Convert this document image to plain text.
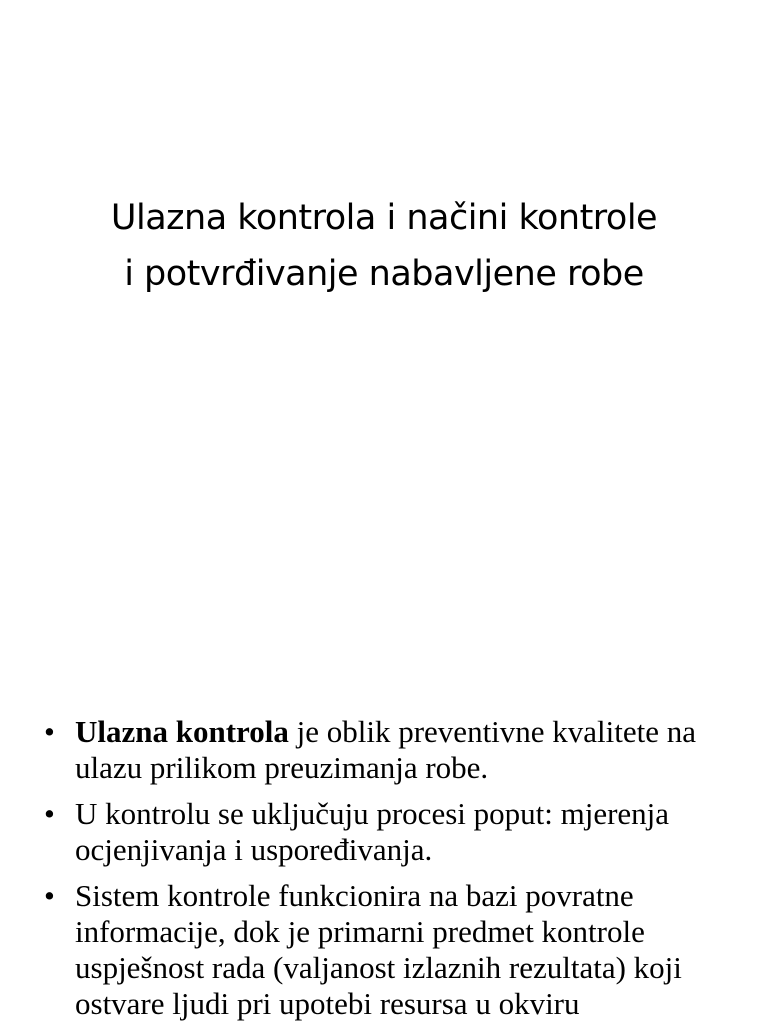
Ulazna kontrola i načini kontrole
i potvrđivanje nabavljene robe
• Ulazna kontrola je oblik preventivne kvalitete na ulazu prilikom preuzimanja robe.
• U kontrolu se uključuju procesi poput: mjerenja ocjenjivanja i uspoređivanja.
• Sistem kontrole funkcionira na bazi povratne informacije, dok je primarni predmet kontrole uspješnost rada (valjanost izlaznih rezultata) koji ostvare ljudi pri upotebi resursa u okviru
